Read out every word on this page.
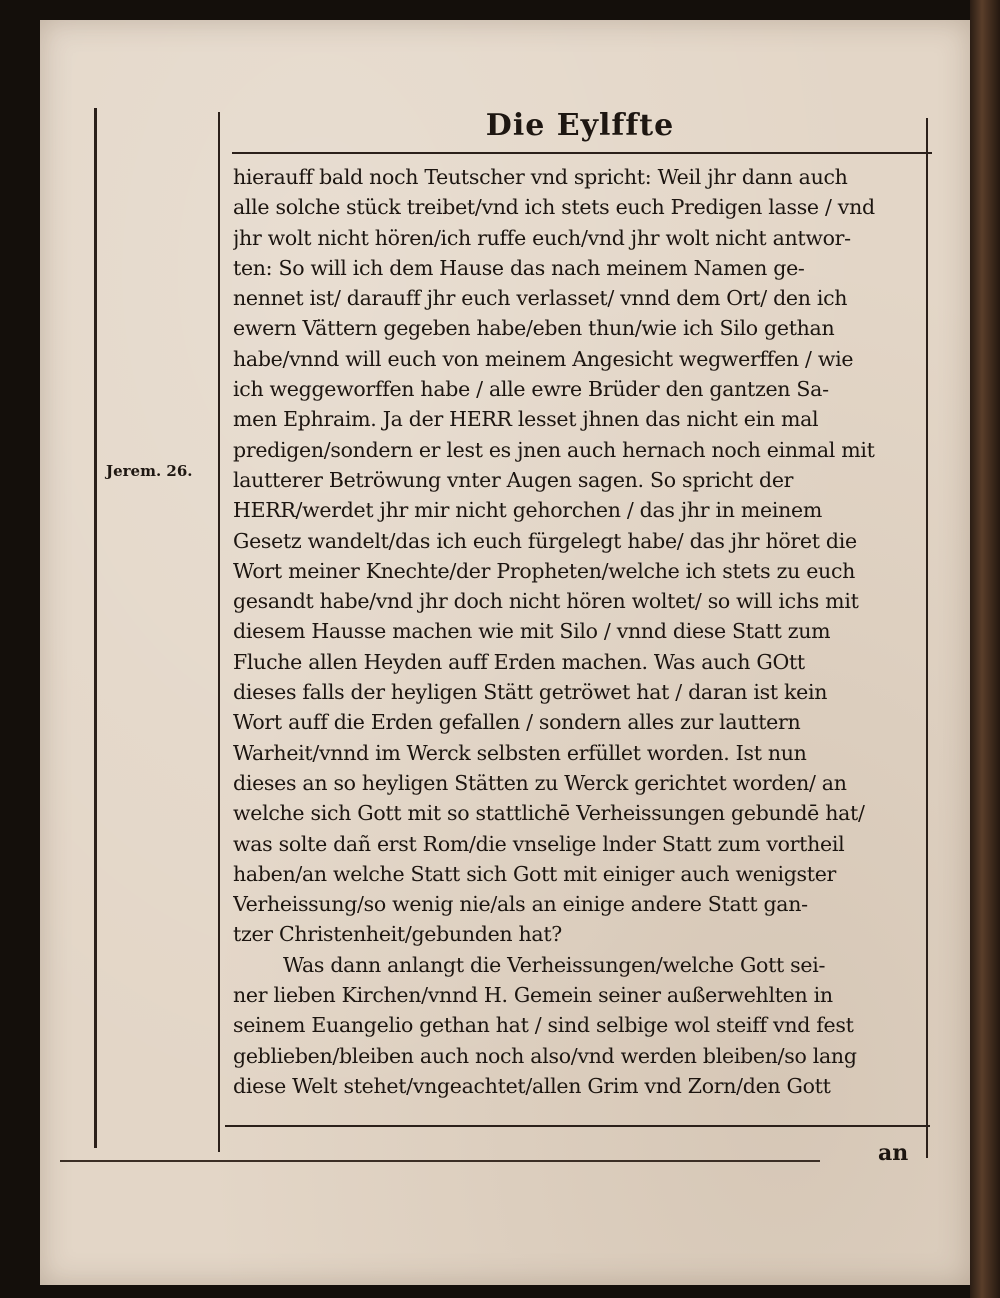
Die Eylffte
Jerem. 26.
hierauff bald noch Teutscher vnd spricht: Weil jhr dann auch
alle solche stück treibet/vnd ich stets euch Predigen lasse / vnd
jhr wolt nicht hören/ich ruffe euch/vnd jhr wolt nicht antwor-
ten: So will ich dem Hause das nach meinem Namen ge-
nennet ist/ darauff jhr euch verlasset/ vnnd dem Ort/ den ich
ewern Vättern gegeben habe/eben thun/wie ich Silo gethan
habe/vnnd will euch von meinem Angesicht wegwerffen / wie
ich weggeworffen habe / alle ewre Brüder den gantzen Sa-
men Ephraim. Ja der HERR lesset jhnen das nicht ein mal
predigen/sondern er lest es jnen auch hernach noch einmal mit
lautterer Betröwung vnter Augen sagen. So spricht der
HERR/werdet jhr mir nicht gehorchen / das jhr in meinem
Gesetz wandelt/das ich euch fürgelegt habe/ das jhr höret die
Wort meiner Knechte/der Propheten/welche ich stets zu euch
gesandt habe/vnd jhr doch nicht hören woltet/ so will ichs mit
diesem Hausse machen wie mit Silo / vnnd diese Statt zum
Fluche allen Heyden auff Erden machen. Was auch GOtt
dieses falls der heyligen Stätt getröwet hat / daran ist kein
Wort auff die Erden gefallen / sondern alles zur lauttern
Warheit/vnnd im Werck selbsten erfüllet worden. Ist nun
dieses an so heyligen Stätten zu Werck gerichtet worden/ an
welche sich Gott mit so stattlichē Verheissungen gebundē hat/
was solte dañ erst Rom/die vnselige lnder Statt zum vortheil
haben/an welche Statt sich Gott mit einiger auch wenigster
Verheissung/so wenig nie/als an einige andere Statt gan-
tzer Christenheit/gebunden hat?
Was dann anlangt die Verheissungen/welche Gott sei-
ner lieben Kirchen/vnnd H. Gemein seiner außerwehlten in
seinem Euangelio gethan hat / sind selbige wol steiff vnd fest
geblieben/bleiben auch noch also/vnd werden bleiben/so lang
diese Welt stehet/vngeachtet/allen Grim vnd Zorn/den Gott
an
